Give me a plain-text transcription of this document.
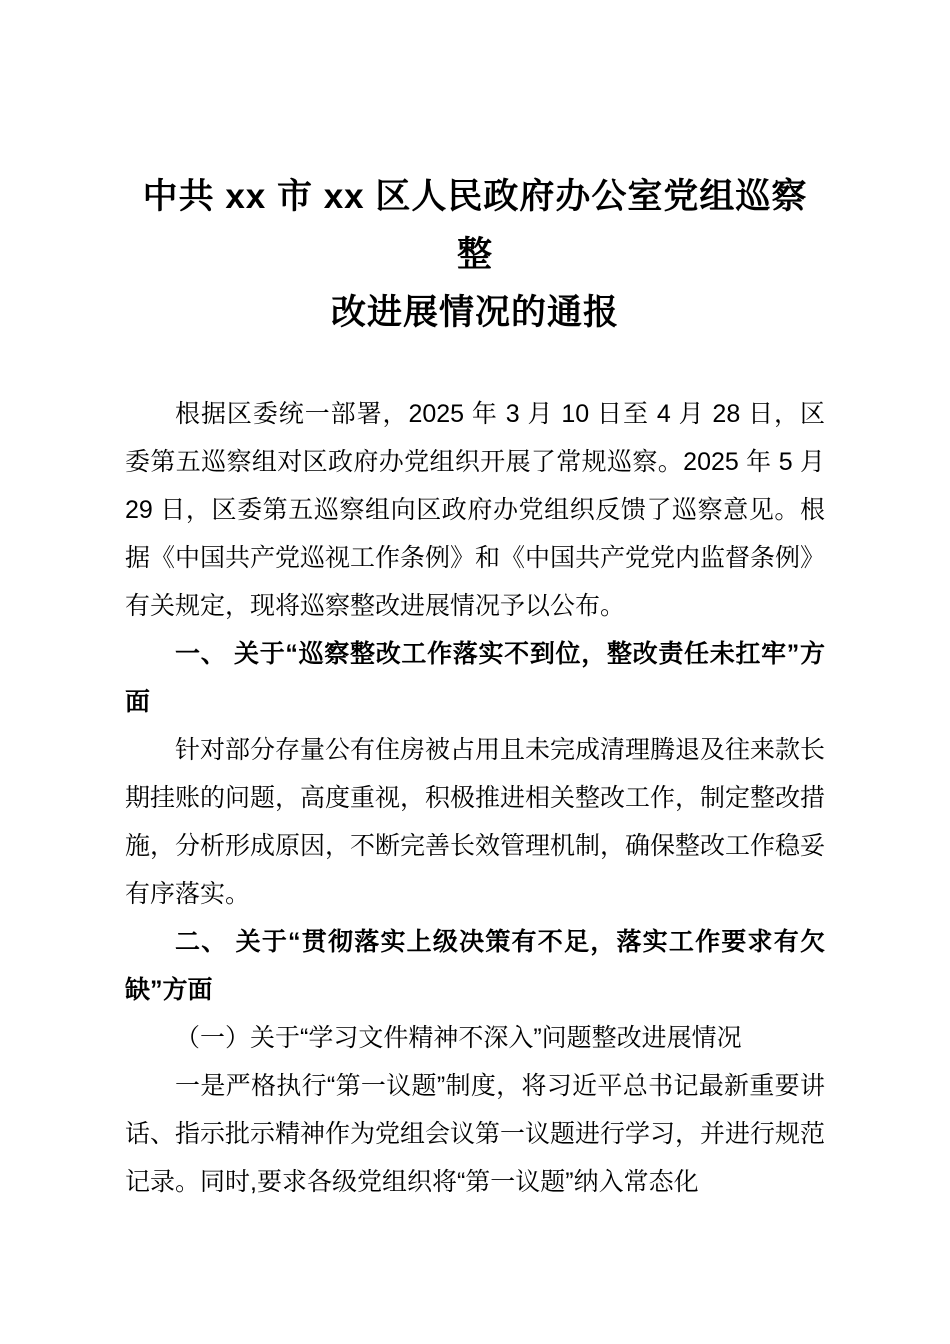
中共 xx 市 xx 区人民政府办公室党组巡察整
改进展情况的通报

根据区委统一部署，2025 年 3 月 10 日至 4 月 28 日，区委第五巡察组对区政府办党组织开展了常规巡察。2025 年 5 月 29 日，区委第五巡察组向区政府办党组织反馈了巡察意见。根据《中国共产党巡视工作条例》和《中国共产党党内监督条例》有关规定，现将巡察整改进展情况予以公布。

一、 关于“巡察整改工作落实不到位，整改责任未扛牢”方面

针对部分存量公有住房被占用且未完成清理腾退及往来款长期挂账的问题，高度重视，积极推进相关整改工作，制定整改措施，分析形成原因，不断完善长效管理机制，确保整改工作稳妥有序落实。

二、 关于“贯彻落实上级决策有不足，落实工作要求有欠缺”方面

（一）关于“学习文件精神不深入”问题整改进展情况

一是严格执行“第一议题”制度，将习近平总书记最新重要讲话、指示批示精神作为党组会议第一议题进行学习，并进行规范记录。同时,要求各级党组织将“第一议题”纳入常态化
